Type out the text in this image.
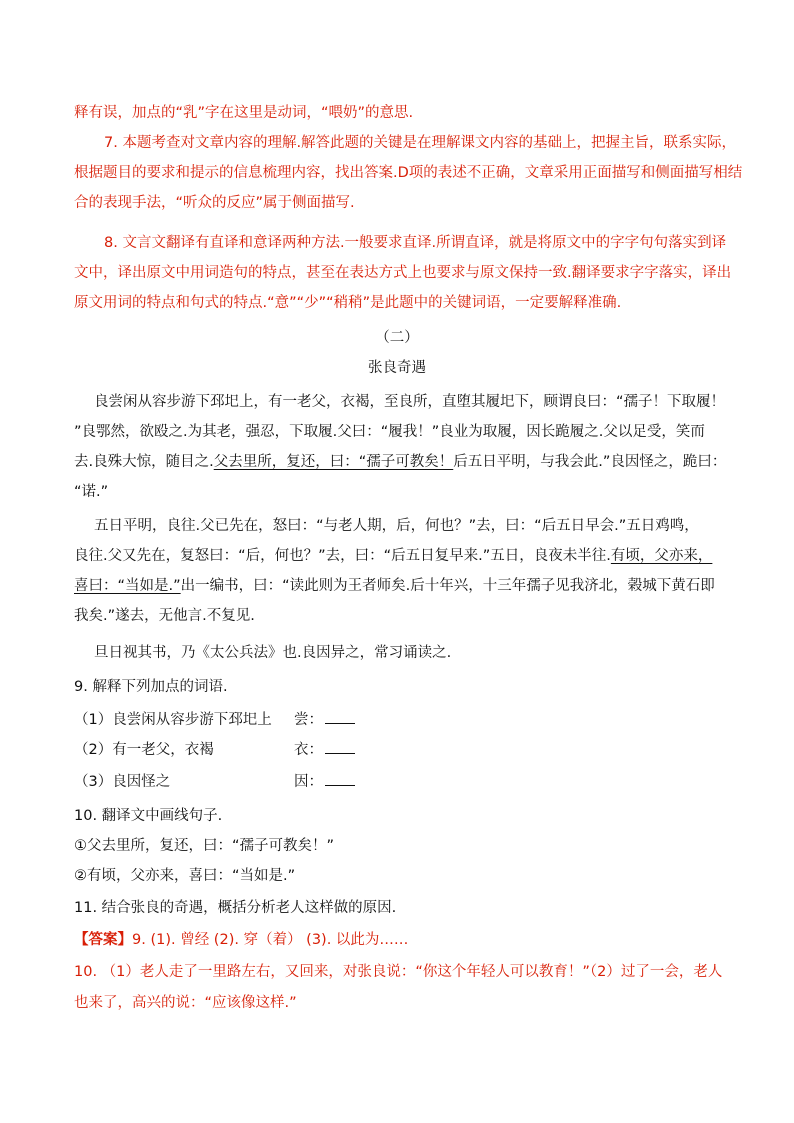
释有误，加点的“乳”字在这里是动词，“喂奶”的意思.
7. 本题考查对文章内容的理解.解答此题的关键是在理解课文内容的基础上，把握主旨，联系实际，
根据题目的要求和提示的信息梳理内容，找出答案.D项的表述不正确，文章采用正面描写和侧面描写相结
合的表现手法，“听众的反应”属于侧面描写.
8. 文言文翻译有直译和意译两种方法.一般要求直译.所谓直译，就是将原文中的字字句句落实到译
文中，译出原文中用词造句的特点，甚至在表达方式上也要求与原文保持一致.翻译要求字字落实，译出
原文用词的特点和句式的特点.“意”“少”“稍稍”是此题中的关键词语，一定要解释准确.
（二）
张良奇遇
良尝闲从容步游下邳圯上，有一老父，衣褐，至良所，直堕其履圯下，顾谓良曰：“孺子！下取履！
”良鄂然，欲殴之.为其老，强忍，下取履.父曰：“履我！”良业为取履，因长跪履之.父以足受，笑而
去.良殊大惊，随目之.父去里所，复还，曰：“孺子可教矣！后五日平明，与我会此.”良因怪之，跪曰：
“诺.”
五日平明，良往.父已先在，怒曰：“与老人期，后，何也？”去，曰：“后五日早会.”五日鸡鸣，
良往.父又先在，复怒曰：“后，何也？”去，曰：“后五日复早来.”五日，良夜未半往.有顷，父亦来，
喜曰：“当如是.”出一编书，曰：“读此则为王者师矣.后十年兴，十三年孺子见我济北，榖城下黄石即
我矣.”遂去，无他言.不复见.
旦日视其书，乃《太公兵法》也.良因异之，常习诵读之.
9. 解释下列加点的词语.
（1）良尝闲从容步游下邳圯上 尝：
（2）有一老父，衣褐	衣：
（3）良因怪之	因：
10. 翻译文中画线句子.
①父去里所，复还，曰：“孺子可教矣！”
②有顷，父亦来，喜曰：“当如是.”
11. 结合张良的奇遇，概括分析老人这样做的原因.
【答案】9. (1). 曾经 (2). 穿（着） (3). 以此为……
10. （1）老人走了一里路左右，又回来，对张良说：“你这个年轻人可以教育！”（2）过了一会，老人
也来了，高兴的说：“应该像这样.”
